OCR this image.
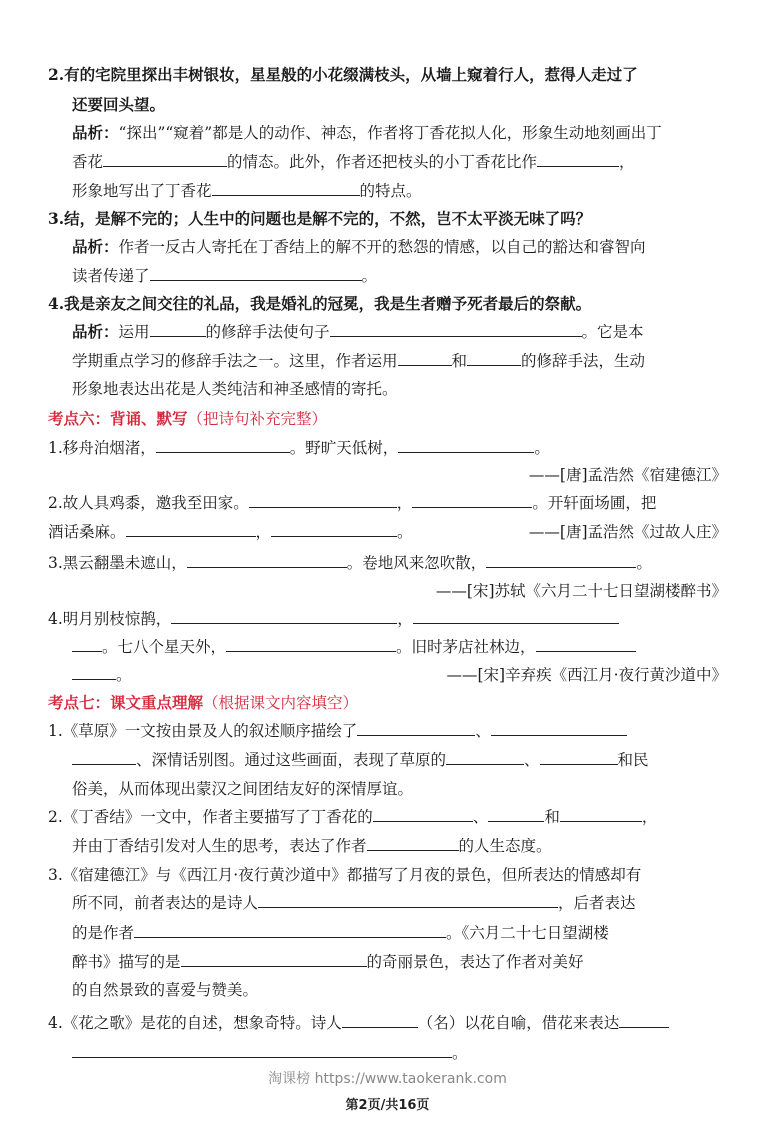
2.有的宅院里探出丰树银妆，星星般的小花缀满枝头，从墙上窥着行人，惹得人走过了
还要回头望。
品析：“探出”“窥着”都是人的动作、神态，作者将丁香花拟人化，形象生动地刻画出丁
香花	的情态。此外，作者还把枝头的小丁香花比作	，
形象地写出了丁香花	的特点。
3.结，是解不完的；人生中的问题也是解不完的，不然，岂不太平淡无味了吗？
品析：作者一反古人寄托在丁香结上的解不开的愁怨的情感，以自己的豁达和睿智向
读者传递了	。
4.我是亲友之间交往的礼品，我是婚礼的冠冕，我是生者赠予死者最后的祭献。
品析：运用	的修辞手法使句子	。它是本
学期重点学习的修辞手法之一。这里，作者运用	和	的修辞手法，生动
形象地表达出花是人类纯洁和神圣感情的寄托。
考点六：背诵、默写（把诗句补充完整）
1.移舟泊烟渚，	。野旷天低树，	。
——[唐]孟浩然《宿建德江》
2.故人具鸡黍，邀我至田家。	，	。开轩面场圃，把
酒话桑麻。	，	。	——[唐]孟浩然《过故人庄》
3.黑云翻墨未遮山，	。卷地风来忽吹散，	。
——[宋]苏轼《六月二十七日望湖楼醉书》
4.明月别枝惊鹊，	，
。七八个星天外，	。旧时茅店社林边，
。	——[宋]辛弃疾《西江月·夜行黄沙道中》
考点七：课文重点理解（根据课文内容填空）
1.《草原》一文按由景及人的叙述顺序描绘了	、
、深情话别图。通过这些画面，表现了草原的	、	和民
俗美，从而体现出蒙汉之间团结友好的深情厚谊。
2.《丁香结》一文中，作者主要描写了丁香花的	、	和	，
并由丁香结引发对人生的思考，表达了作者	的人生态度。
3.《宿建德江》与《西江月·夜行黄沙道中》都描写了月夜的景色，但所表达的情感却有
所不同，前者表达的是诗人	，后者表达
的是作者	。《六月二十七日望湖楼
醉书》描写的是	的奇丽景色，表达了作者对美好
的自然景致的喜爱与赞美。
4.《花之歌》是花的自述，想象奇特。诗人	（名）以花自喻，借花来表达
。
淘课榜 https://www.taokerank.com
第2页/共16页
